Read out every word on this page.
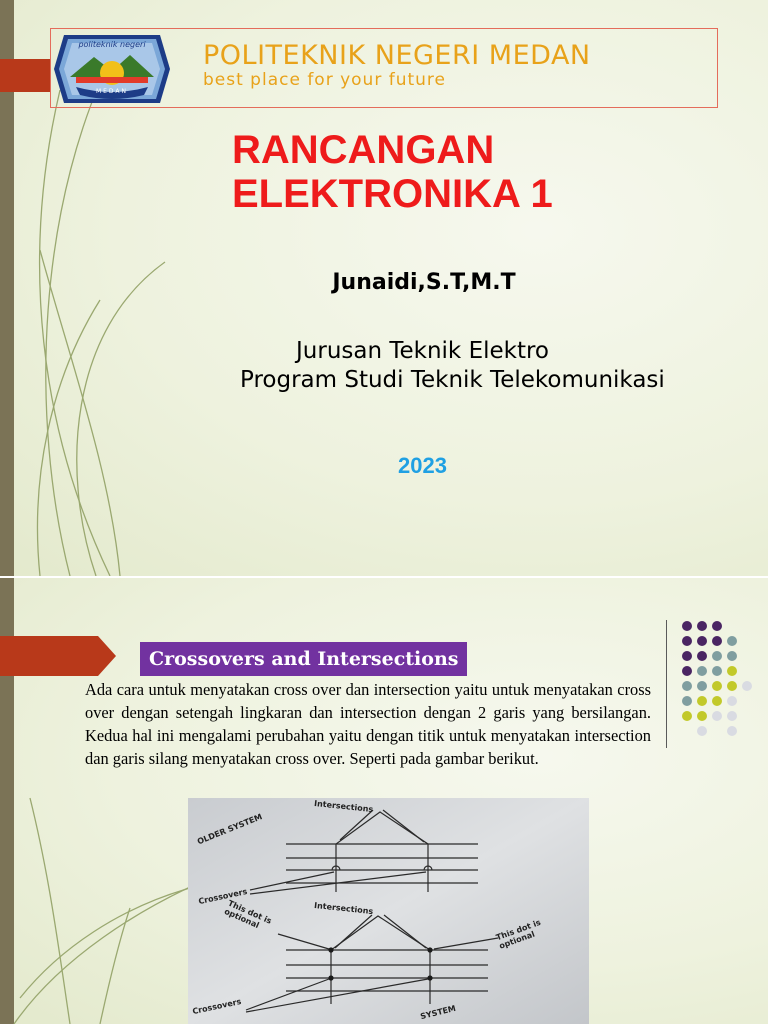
politeknik negeri
MEDAN
POLITEKNIK NEGERI MEDAN
best place for your future
RANCANGAN
ELEKTRONIKA 1
Junaidi,S.T,M.T
Jurusan Teknik Elektro
Program Studi Teknik Telekomunikasi
2023
Crossovers and Intersections
Ada cara untuk menyatakan cross over dan intersection yaitu untuk menyatakan cross over dengan setengah lingkaran dan intersection dengan 2 garis yang bersilangan. Kedua hal ini mengalami perubahan yaitu dengan titik untuk menyatakan intersection dan garis silang menyatakan cross over. Seperti pada gambar berikut.
OLDER SYSTEM
Intersections
Crossovers
Intersections
This dot is optional	This dot is optional
Crossovers	SYSTEM
